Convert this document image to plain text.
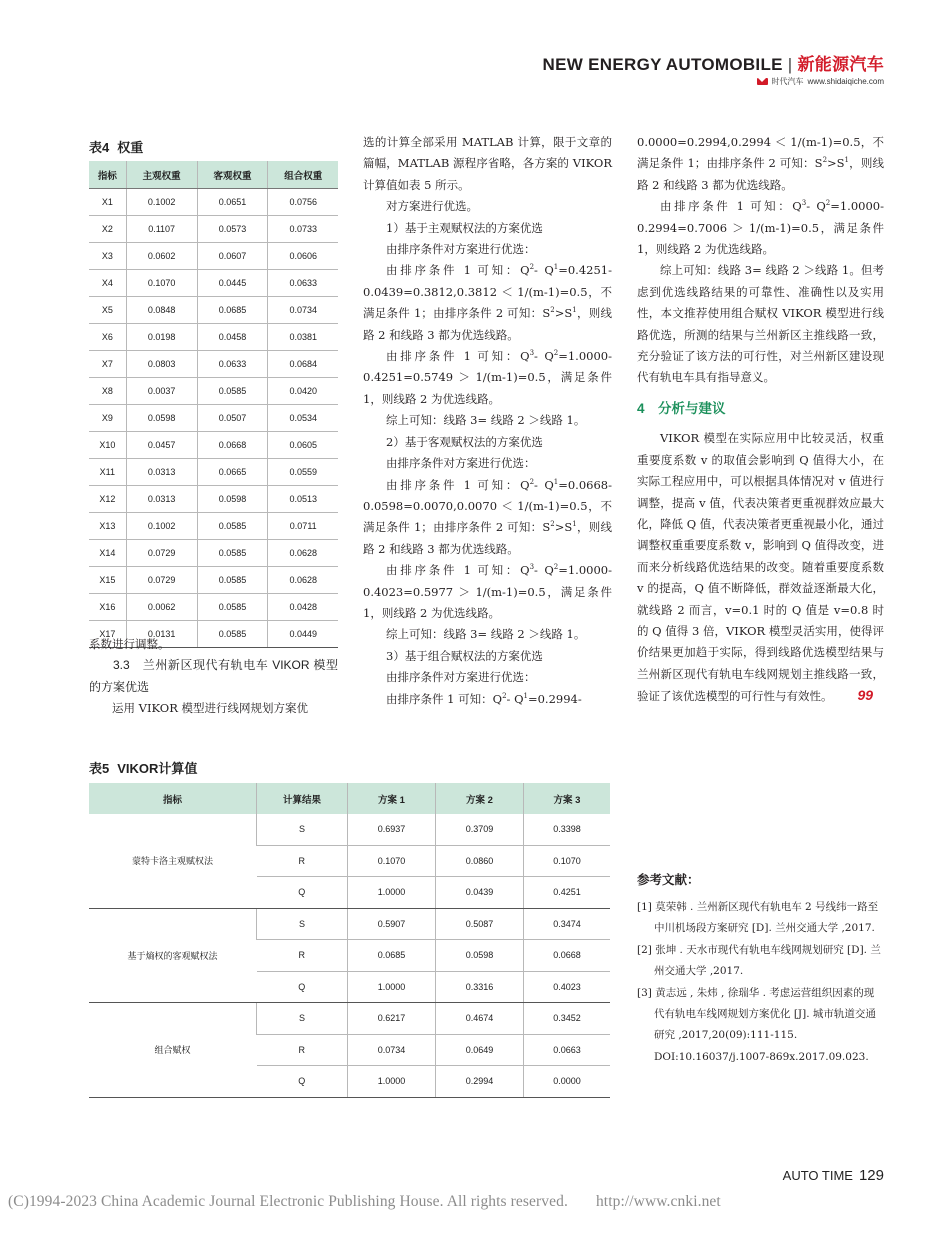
NEW ENERGY AUTOMOBILE | 新能源汽车
时代汽车 www.shidaiqiche.com
表4 权重
指标	主观权重	客观权重	组合权重
X1	0.1002	0.0651	0.0756
X2	0.1107	0.0573	0.0733
X3	0.0602	0.0607	0.0606
X4	0.1070	0.0445	0.0633
X5	0.0848	0.0685	0.0734
X6	0.0198	0.0458	0.0381
X7	0.0803	0.0633	0.0684
X8	0.0037	0.0585	0.0420
X9	0.0598	0.0507	0.0534
X10	0.0457	0.0668	0.0605
X11	0.0313	0.0665	0.0559
X12	0.0313	0.0598	0.0513
X13	0.1002	0.0585	0.0711
X14	0.0729	0.0585	0.0628
X15	0.0729	0.0585	0.0628
X16	0.0062	0.0585	0.0428
X17	0.0131	0.0585	0.0449

系数进行调整。

3.3　兰州新区现代有轨电车 VIKOR 模型的方案优选

运用 VIKOR 模型进行线网规划方案优

选的计算全部采用 MATLAB 计算，限于文章的篇幅，MATLAB 源程序省略，各方案的 VIKOR 计算值如表 5 所示。

对方案进行优选。

1）基于主观赋权法的方案优选

由排序条件对方案进行优选：

由排序条件 1 可知：$Q^2-$ $Q^1=0.4251-0.0439=0.3812,0.3812 < 1/(m-1)=0.5$，不满足条件 1；由排序条件 2 可知：$S^2>S^1$，则线路 2 和线路 3 都为优选线路。

由排序条件 1 可知：$Q^3-$ $Q^2=1.0000-0.4251=0.5749 > 1/(m-1)=0.5$，满足条件 1，则线路 2 为优选线路。

综上可知：线路 3= 线路 2 ＞线路 1。

2）基于客观赋权法的方案优选

由排序条件对方案进行优选：

由排序条件 1 可知：$Q^2-$ $Q^1=0.0668-0.0598=0.0070,0.0070 < 1/(m-1)=0.5$，不满足条件 1；由排序条件 2 可知：$S^2>S^1$，则线路 2 和线路 3 都为优选线路。

由排序条件 1 可知：$Q^3-$ $Q^2=1.0000-0.4023=0.5977 > 1/(m-1)=0.5$，满足条件 1，则线路 2 为优选线路。

综上可知：线路 3= 线路 2 ＞线路 1。

3）基于组合赋权法的方案优选

由排序条件对方案进行优选：

由排序条件 1 可知：$Q^2-$ $Q^1=0.2994-$

0.0000=0.2994,0.2994 ＜ 1/(m-1)=0.5，不满足条件 1；由排序条件 2 可知：$S^2>S^1$，则线路 2 和线路 3 都为优选线路。

由排序条件 1 可知：$Q^3-$ $Q^2=1.0000-0.2994=0.7006 > 1/(m-1)=0.5$，满足条件 1，则线路 2 为优选线路。

综上可知：线路 3= 线路 2 ＞线路 1。但考虑到优选线路结果的可靠性、准确性以及实用性，本文推荐使用组合赋权 VIKOR 模型进行线路优选，所测的结果与兰州新区主推线路一致，充分验证了该方法的可行性，对兰州新区建设现代有轨电车具有指导意义。

4　分析与建议

VIKOR 模型在实际应用中比较灵活，权重重要度系数 v 的取值会影响到 Q 值得大小，在实际工程应用中，可以根据具体情况对 v 值进行调整，提高 v 值，代表决策者更重视群效应最大化，降低 Q 值，代表决策者更重视最小化，通过调整权重重要度系数 v，影响到 Q 值得改变，进而来分析线路优选结果的改变。随着重要度系数 v 的提高，Q 值不断降低，群效益逐渐最大化，就线路 2 而言，v=0.1 时的 Q 值是 v=0.8 时的 Q 值得 3 倍，VIKOR 模型灵活实用，使得评价结果更加趋于实际，得到线路优选模型结果与兰州新区现代有轨电车线网规划主推线路一致，验证了该优选模型的可行性与有效性。 99

参考文献：

[1] 莫荣韩 . 兰州新区现代有轨电车 2 号线纬一路至中川机场段方案研究 [D]. 兰州交通大学 ,2017.

[2] 张坤 . 天水市现代有轨电车线网规划研究 [D]. 兰州交通大学 ,2017.

[3] 黄志远 , 朱炜 , 徐瑞华 . 考虑运营组织因素的现代有轨电车线网规划方案优化 [J]. 城市轨道交通研究 ,2017,20(09):111-115. DOI:10.16037/j.1007-869x.2017.09.023.

表5 VIKOR计算值
指标	计算结果	方案 1	方案 2	方案 3
蒙特卡洛主观赋权法	S	0.6937	0.3709	0.3398
	R	0.1070	0.0860	0.1070
	Q	1.0000	0.0439	0.4251
基于熵权的客观赋权法	S	0.5907	0.5087	0.3474
	R	0.0685	0.0598	0.0668
	Q	1.0000	0.3316	0.4023
组合赋权	S	0.6217	0.4674	0.3452
	R	0.0734	0.0649	0.0663
	Q	1.0000	0.2994	0.0000
AUTO TIME 129
(C)1994-2023 China Academic Journal Electronic Publishing House. All rights reserved. http://www.cnki.net
